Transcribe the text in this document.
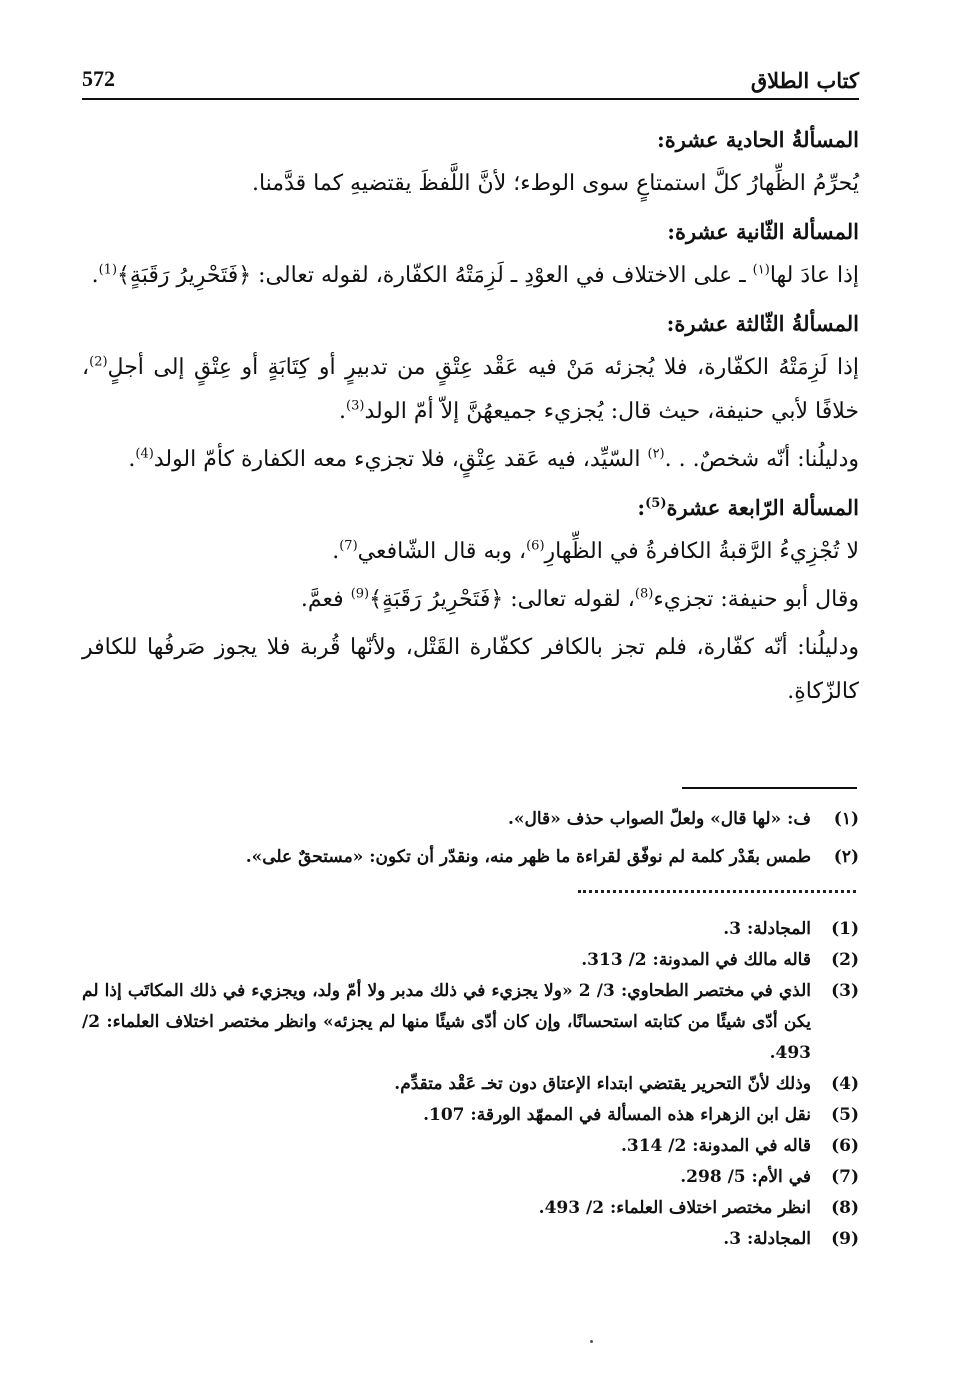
كتاب الطلاق
572
المسألةُ الحادية عشرة:

يُحرِّمُ الظِّهارُ كلَّ استمتاعٍ سوى الوطء؛ لأنَّ اللَّفظَ يقتضيهِ كما قدَّمنا.

المسألة الثّانية عشرة:

إذا عادَ لها$^{(١)}$ ـ على الاختلاف في العوْدِ ـ لَزِمَتْهُ الكفّارة، لقوله تعالى: ﴿فَتَحْرِيرُ رَقَبَةٍ﴾$^{(1)}$.

المسألةُ الثّالثة عشرة:

إذا لَزِمَتْهُ الكفّارة، فلا يُجزئه مَنْ فيه عَقْد عِتْقٍ من تدبيرٍ أو كِتَابَةٍ أو عِتْقٍ إلى أجلٍ$^{(2)}$، خلافًا لأبي حنيفة، حيث قال: يُجزيء جميعهُنَّ إلاّ أمّ الولد$^{(3)}$.

ودليلُنا: أنّه شخصٌ. . .$^{(٢)}$ السّيِّد، فيه عَقد عِتْقٍ، فلا تجزيء معه الكفارة كأمّ الولد$^{(4)}$.

المسألة الرّابعة عشرة$^{(5)}$:

لا تُجْزِيءُ الرَّقبةُ الكافرةُ في الظِّهارِ$^{(6)}$، وبه قال الشّافعي$^{(7)}$.

وقال أبو حنيفة: تجزيء$^{(8)}$، لقوله تعالى: ﴿فَتَحْرِيرُ رَقَبَةٍ﴾$^{(9)}$ فعمَّ.

ودليلُنا: أنّه كفّارة، فلم تجز بالكافر ككفّارة القَتْل، ولأنّها قُربة فلا يجوز صَرفُها للكافر كالزّكاةِ.

(١)
ف: «لها قال» ولعلّ الصواب حذف «قال».
(٢)
طمس بقَدْر كلمة لم نوفّق لقراءة ما ظهر منه، ونقدّر أن تكون: «مستحقٌ على».
(1)
المجادلة: 3.
(2)
قاله مالك في المدونة: 2/ 313.
(3)
الذي في مختصر الطحاوي: 3/ 2 «ولا يجزيء في ذلك مدبر ولا أمّ ولد، ويجزيء في ذلك المكاتَب إذا لم يكن أدّى شيئًا من كتابته استحسانًا، وإن كان أدّى شيئًا منها لم يجزئه» وانظر مختصر اختلاف العلماء: 2/ 493.
(4)
وذلك لأنّ التحرير يقتضي ابتداء الإعتاق دون تخـ عَقْد متقدِّم.
(5)
نقل ابن الزهراء هذه المسألة في الممهّد الورقة: 107.
(6)
قاله في المدونة: 2/ 314.
(7)
في الأم: 5/ 298.
(8)
انظر مختصر اختلاف العلماء: 2/ 493.
(9)
المجادلة: 3.
